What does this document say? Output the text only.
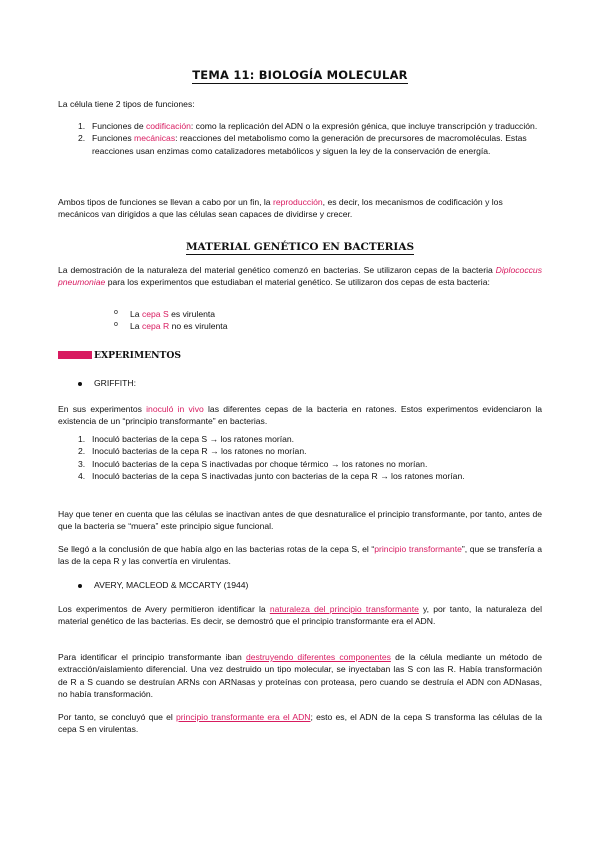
TEMA 11: BIOLOGÍA MOLECULAR

La célula tiene 2 tipos de funciones:

1. Funciones de codificación: como la replicación del ADN o la expresión génica, que incluye transcripción y traducción.
2. Funciones mecánicas: reacciones del metabolismo como la generación de precursores de macromoléculas. Estas reacciones usan enzimas como catalizadores metabólicos y siguen la ley de la conservación de energía.

Ambos tipos de funciones se llevan a cabo por un fin, la reproducción, es decir, los mecanismos de codificación y los mecánicos van dirigidos a que las células sean capaces de dividirse y crecer.

MATERIAL GENÉTICO EN BACTERIAS

La demostración de la naturaleza del material genético comenzó en bacterias. Se utilizaron cepas de la bacteria Diplococcus pneumoniae para los experimentos que estudiaban el material genético. Se utilizaron dos cepas de esta bacteria:

o La cepa S es virulenta
o La cepa R no es virulenta
EXPERIMENTOS
GRIFFITH:

En sus experimentos inoculó in vivo las diferentes cepas de la bacteria en ratones. Estos experimentos evidenciaron la existencia de un “principio transformante” en bacterias.

1. Inoculó bacterias de la cepa S → los ratones morían.
2. Inoculó bacterias de la cepa R → los ratones no morían.
3. Inoculó bacterias de la cepa S inactivadas por choque térmico → los ratones no morían.
4. Inoculó bacterias de la cepa S inactivadas junto con bacterias de la cepa R → los ratones morían.

Hay que tener en cuenta que las células se inactivan antes de que desnaturalice el principio transformante, por tanto, antes de que la bacteria se “muera” este principio sigue funcional.

Se llegó a la conclusión de que había algo en las bacterias rotas de la cepa S, el “principio transformante”, que se transfería a las de la cepa R y las convertía en virulentas.

AVERY, MACLEOD & MCCARTY (1944)

Los experimentos de Avery permitieron identificar la naturaleza del principio transformante y, por tanto, la naturaleza del material genético de las bacterias. Es decir, se demostró que el principio transformante era el ADN.

Para identificar el principio transformante iban destruyendo diferentes componentes de la célula mediante un método de extracción/aislamiento diferencial. Una vez destruido un tipo molecular, se inyectaban las S con las R. Había transformación de R a S cuando se destruían ARNs con ARNasas y proteínas con proteasa, pero cuando se destruía el ADN con ADNasas, no había transformación.

Por tanto, se concluyó que el principio transformante era el ADN; esto es, el ADN de la cepa S transforma las células de la cepa S en virulentas.
